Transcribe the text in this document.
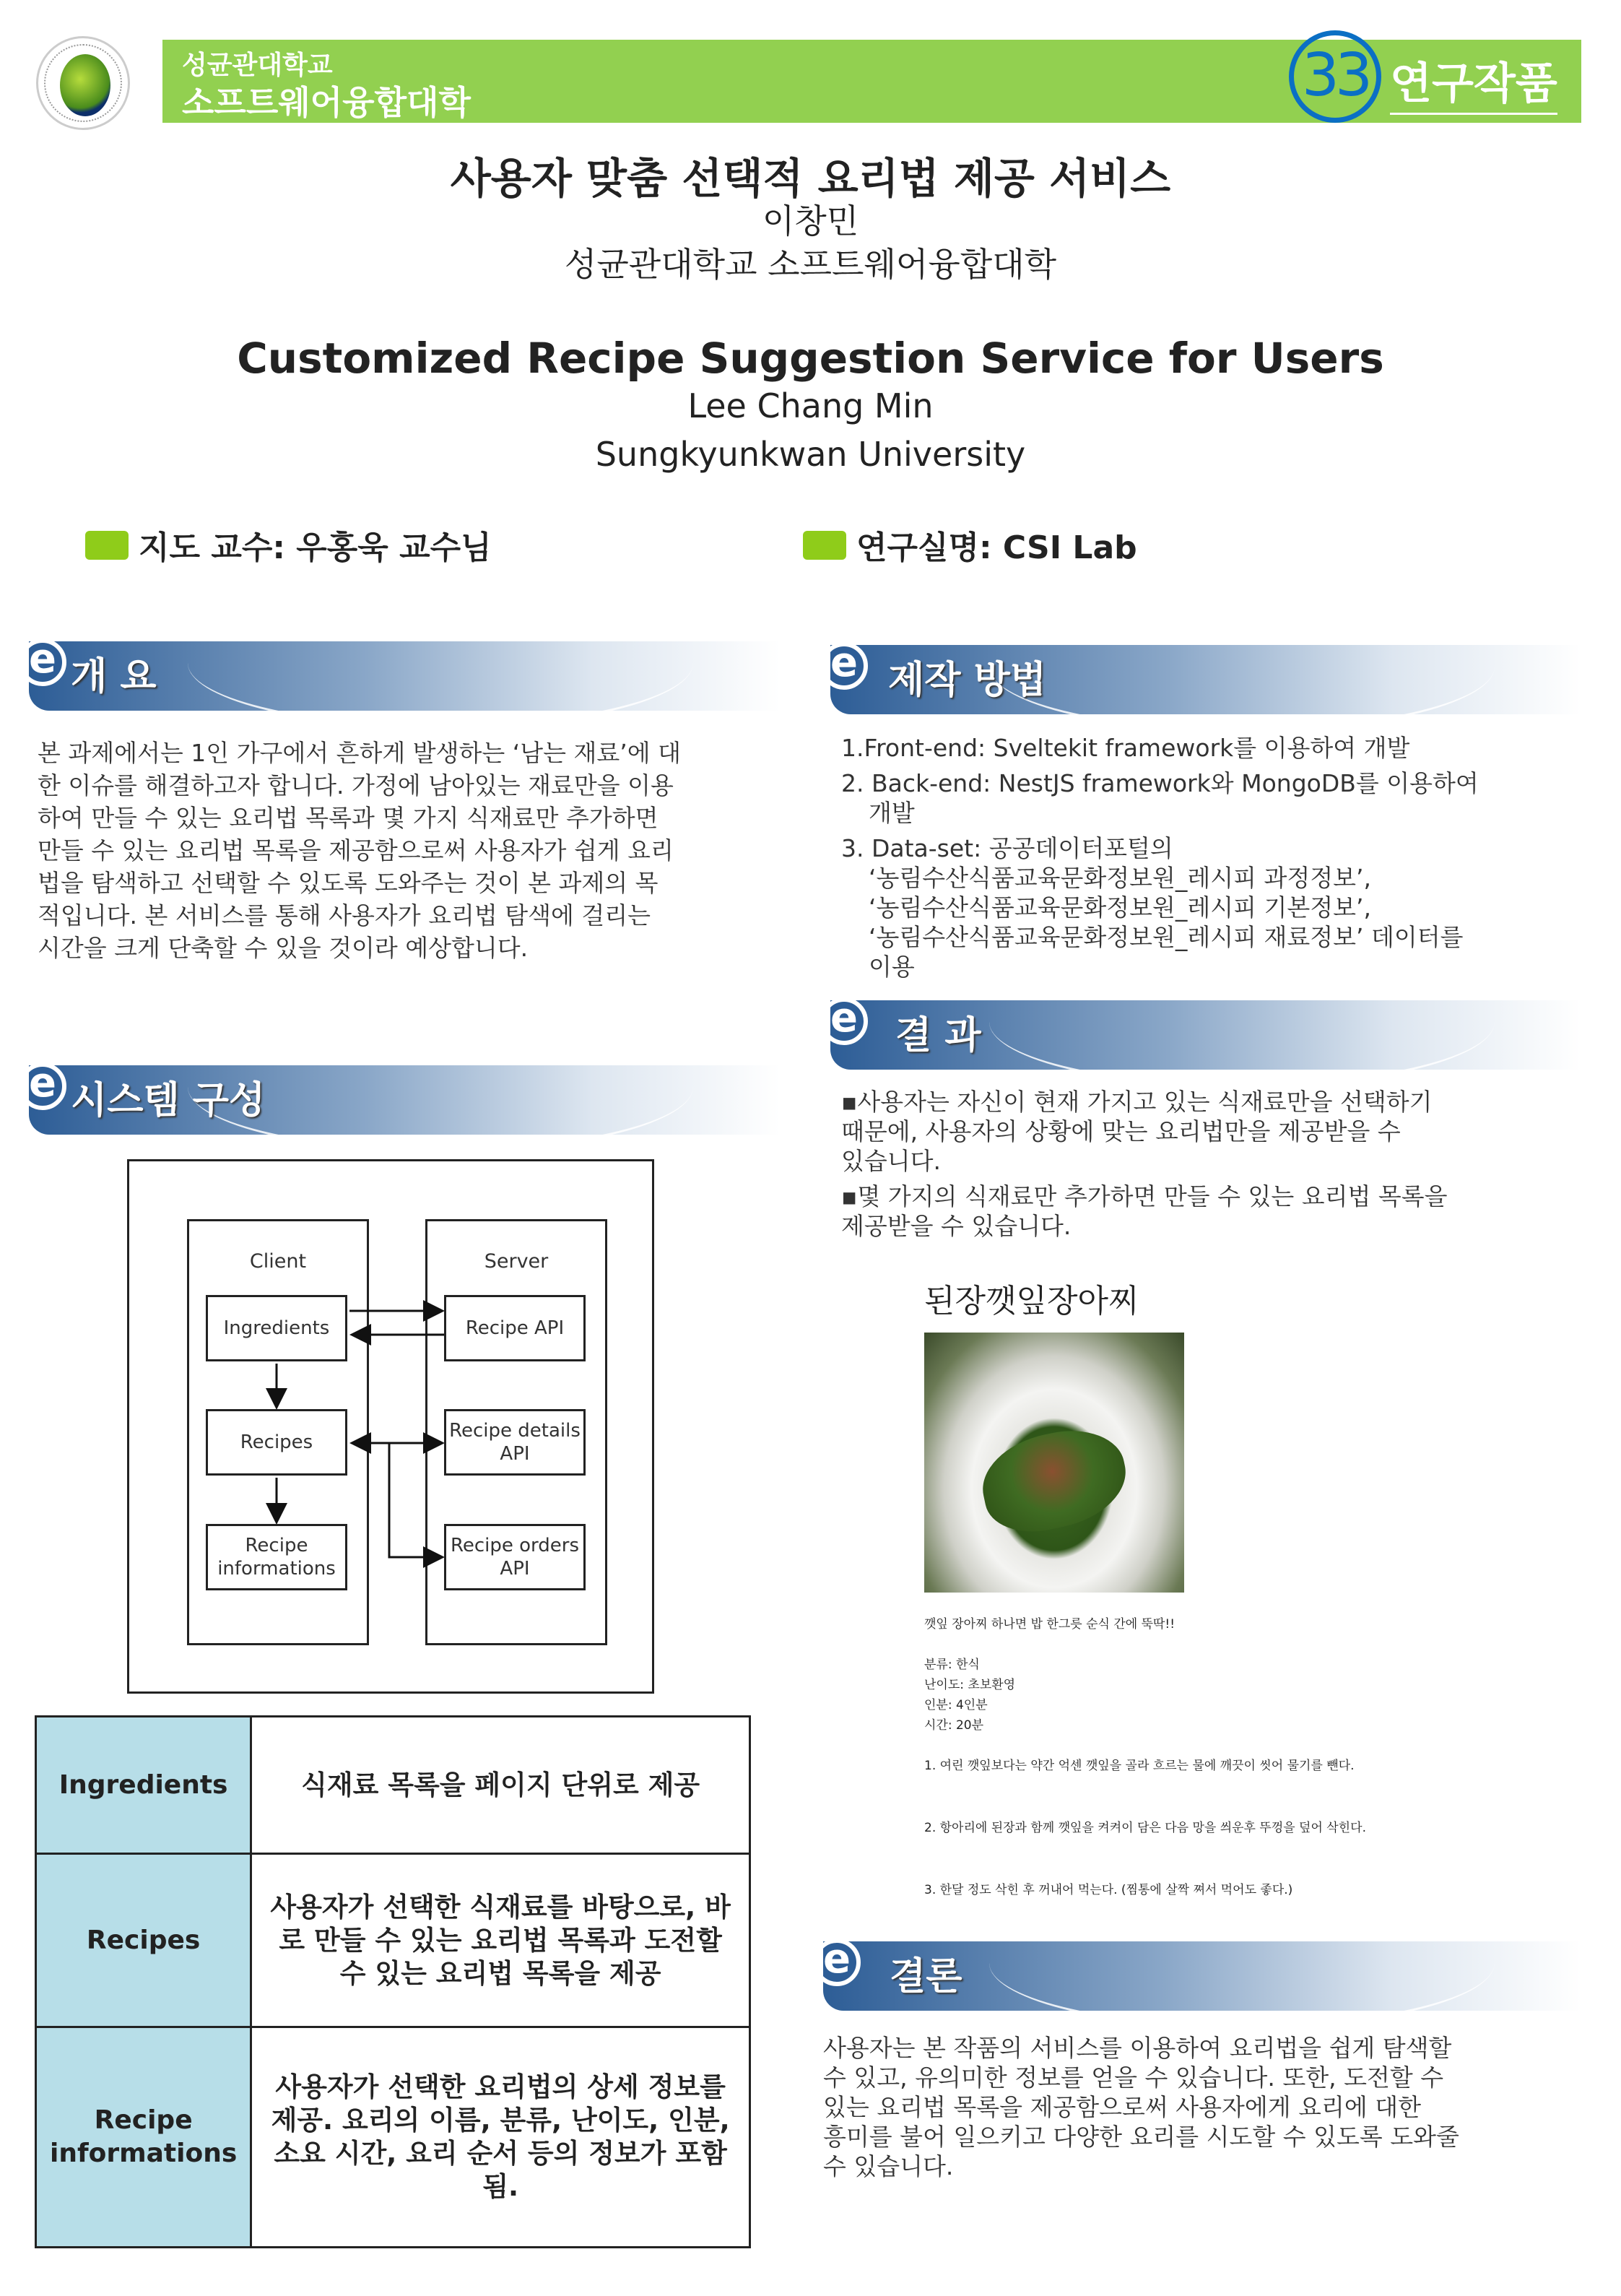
성균관대학교
소프트웨어융합대학	33 연구작품
사용자 맞춤 선택적 요리법 제공 서비스
이창민
성균관대학교 소프트웨어융합대학
Customized Recipe Suggestion Service for Users
Lee Chang Min
Sungkyunkwan University
지도 교수: 우홍욱 교수님	연구실명: CSI Lab
e 개 요
본 과제에서는 1인 가구에서 흔하게 발생하는 ‘남는 재료’에 대
한 이슈를 해결하고자 합니다. 가정에 남아있는 재료만을 이용
하여 만들 수 있는 요리법 목록과 몇 가지 식재료만 추가하면
만들 수 있는 요리법 목록을 제공함으로써 사용자가 쉽게 요리
법을 탐색하고 선택할 수 있도록 도와주는 것이 본 과제의 목
적입니다. 본 서비스를 통해 사용자가 요리법 탐색에 걸리는
시간을 크게 단축할 수 있을 것이라 예상합니다.
e 시스템 구성
Client	Server
Ingredients
Recipes
Recipe
informations
Recipe API
Recipe details
API
Recipe orders
API
Ingredients	식재료 목록을 페이지 단위로 제공
Recipes	사용자가 선택한 식재료를 바탕으로, 바로 만들 수 있는 요리법 목록과 도전할 수 있는 요리법 목록을 제공
Recipe informations	사용자가 선택한 요리법의 상세 정보를 제공. 요리의 이름, 분류, 난이도, 인분, 소요 시간, 요리 순서 등의 정보가 포함됨.
e 제작 방법
1.Front-end: Sveltekit framework를 이용하여 개발
2. Back-end: NestJS framework와 MongoDB를 이용하여
개발
3. Data-set: 공공데이터포털의
‘농림수산식품교육문화정보원_레시피 과정정보’,
‘농림수산식품교육문화정보원_레시피 기본정보’,
‘농림수산식품교육문화정보원_레시피 재료정보’ 데이터를
이용
e 결 과
▪사용자는 자신이 현재 가지고 있는 식재료만을 선택하기
때문에, 사용자의 상황에 맞는 요리법만을 제공받을 수
있습니다.
▪몇 가지의 식재료만 추가하면 만들 수 있는 요리법 목록을
제공받을 수 있습니다.
된장깻잎장아찌
깻잎 장아찌 하나면 밥 한그릇 순식 간에 뚝딱!!
분류: 한식
난이도: 초보환영
인분: 4인분
시간: 20분
1. 여린 깻잎보다는 약간 억센 깻잎을 골라 흐르는 물에 깨끗이 씻어 물기를 뺀다.
2. 항아리에 된장과 함께 깻잎을 켜켜이 담은 다음 망을 씌운후 뚜껑을 덮어 삭힌다.
3. 한달 정도 삭힌 후 꺼내어 먹는다. (찜통에 살짝 쪄서 먹어도 좋다.)
e 결론
사용자는 본 작품의 서비스를 이용하여 요리법을 쉽게 탐색할
수 있고, 유의미한 정보를 얻을 수 있습니다. 또한, 도전할 수
있는 요리법 목록을 제공함으로써 사용자에게 요리에 대한
흥미를 불어 일으키고 다양한 요리를 시도할 수 있도록 도와줄
수 있습니다.
